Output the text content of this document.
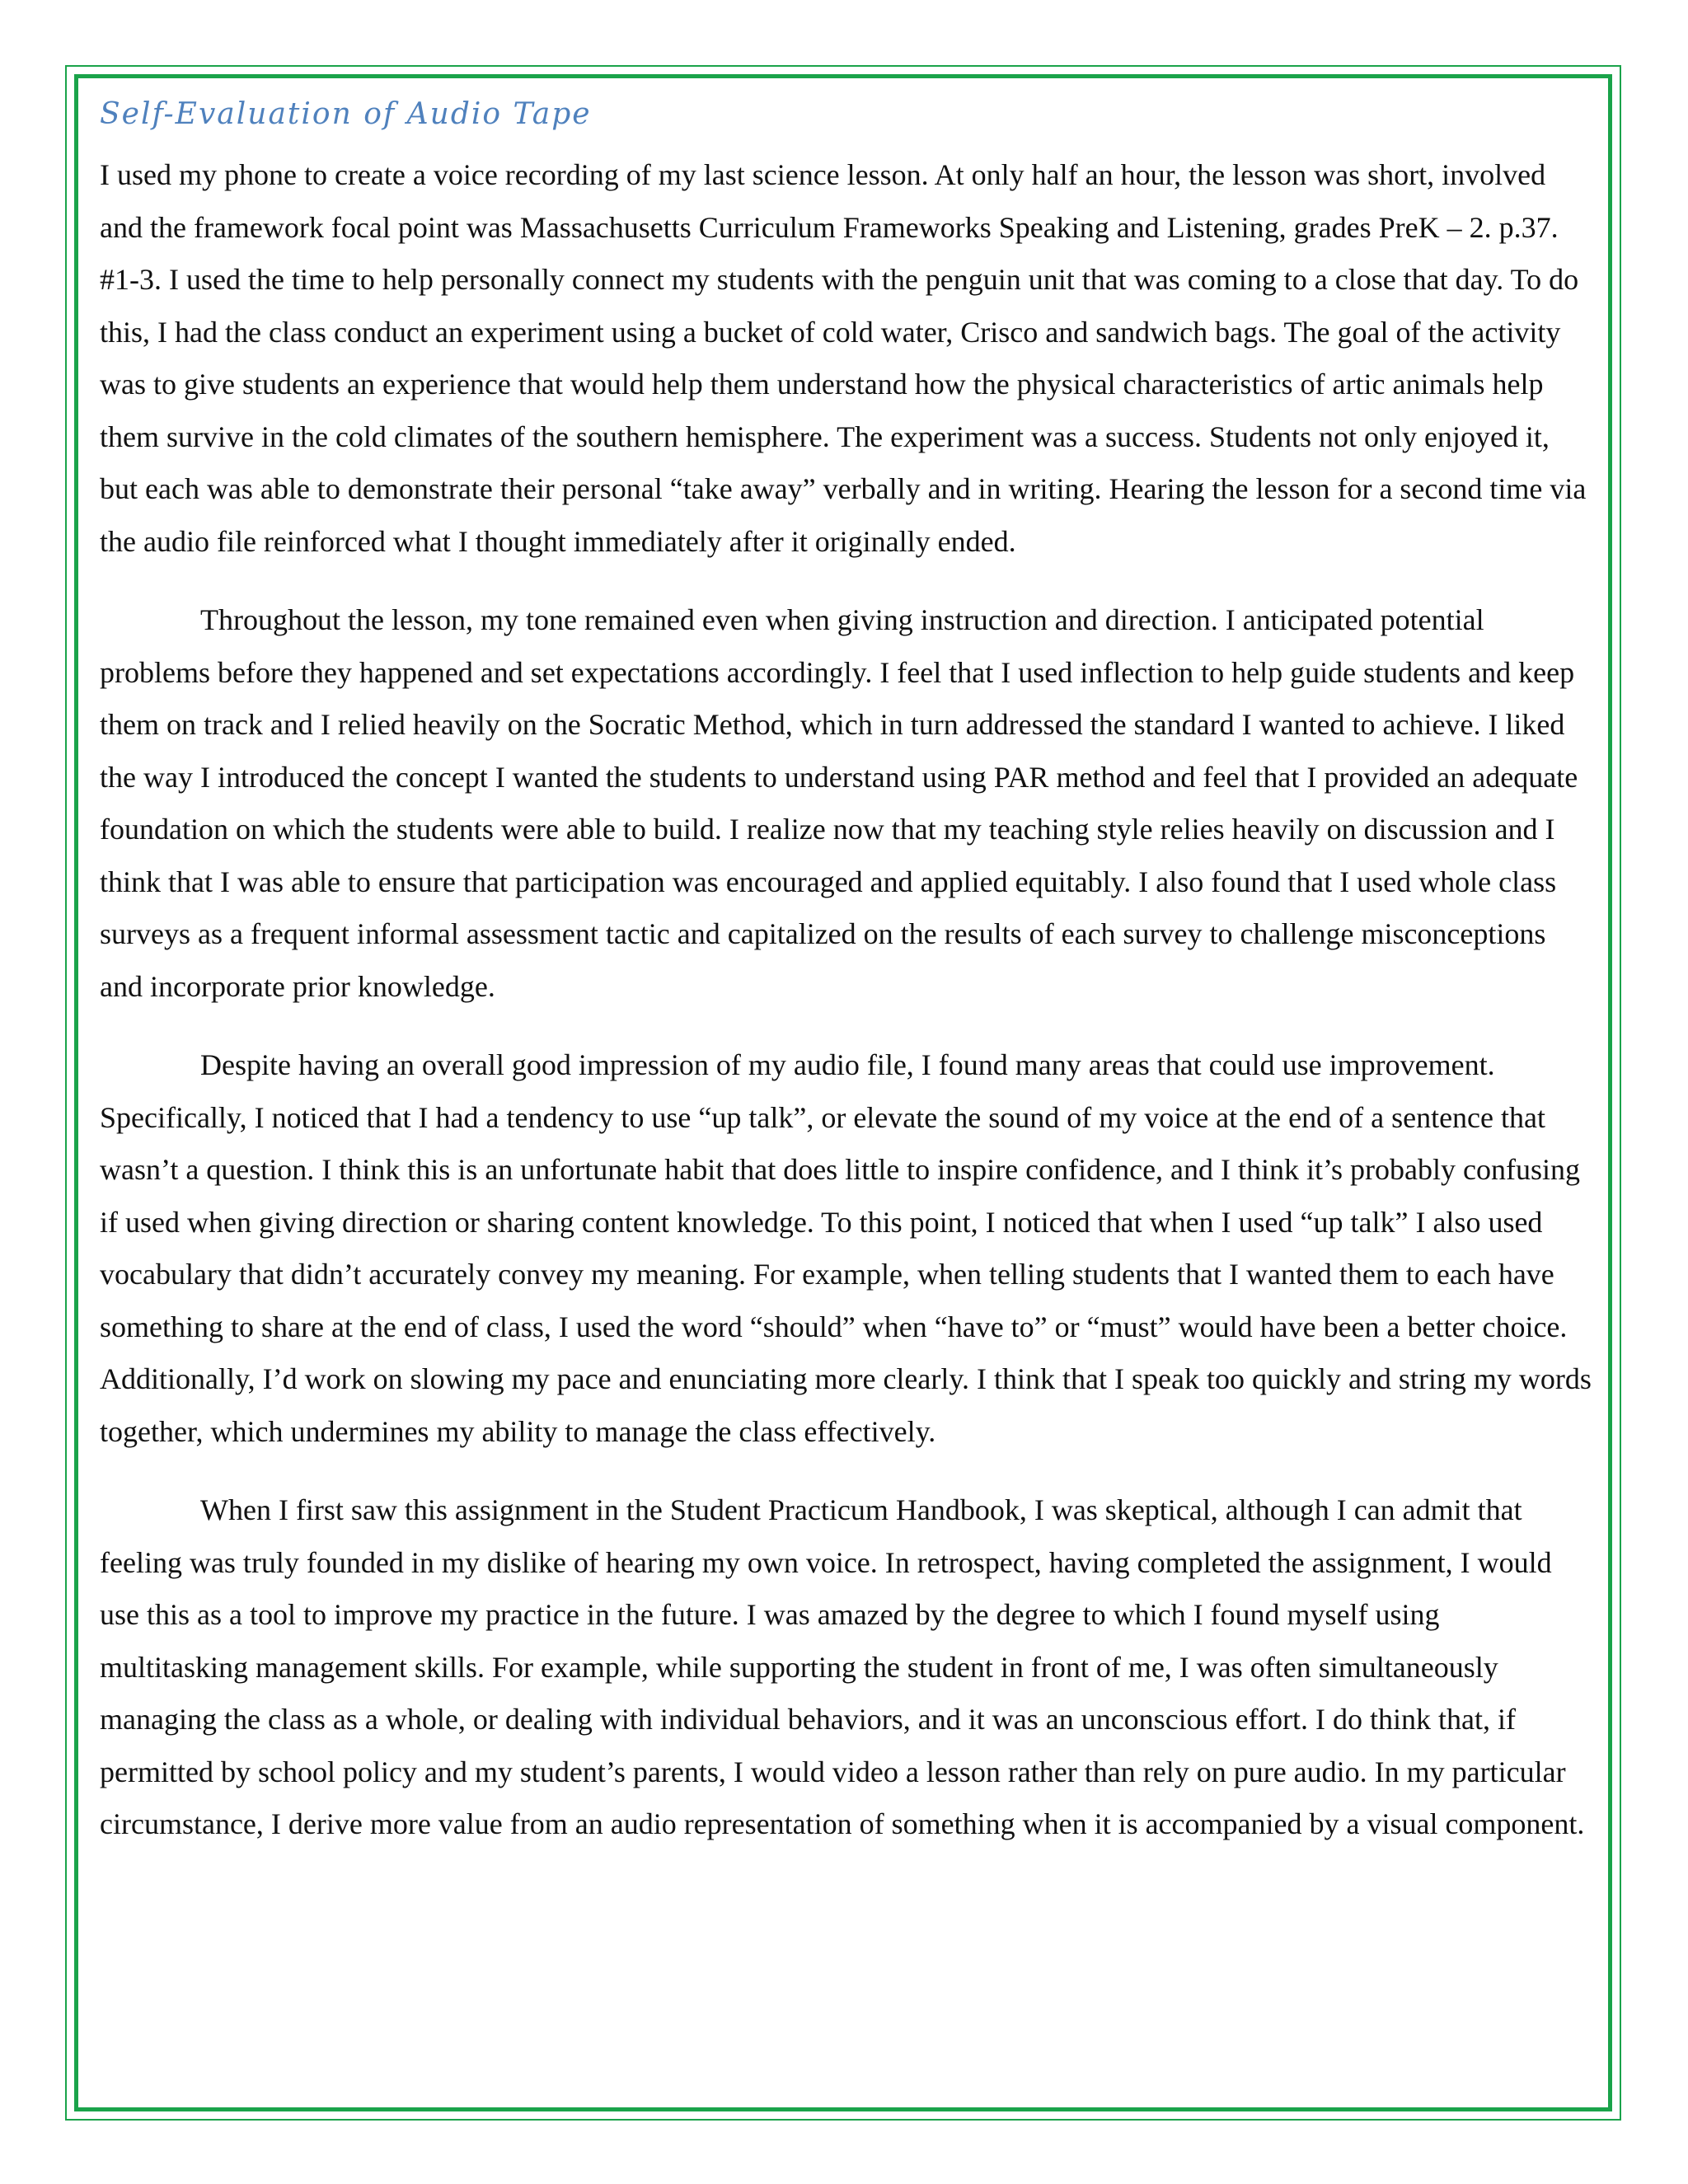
Self-Evaluation of Audio Tape

I used my phone to create a voice recording of my last science lesson. At only half an hour, the lesson was short, involved and the framework focal point was Massachusetts Curriculum Frameworks Speaking and Listening, grades PreK – 2. p.37. #1-3. I used the time to help personally connect my students with the penguin unit that was coming to a close that day. To do this, I had the class conduct an experiment using a bucket of cold water, Crisco and sandwich bags. The goal of the activity was to give students an experience that would help them understand how the physical characteristics of artic animals help them survive in the cold climates of the southern hemisphere. The experiment was a success. Students not only enjoyed it, but each was able to demonstrate their personal “take away” verbally and in writing. Hearing the lesson for a second time via the audio file reinforced what I thought immediately after it originally ended.

Throughout the lesson, my tone remained even when giving instruction and direction. I anticipated potential problems before they happened and set expectations accordingly. I feel that I used inflection to help guide students and keep them on track and I relied heavily on the Socratic Method, which in turn addressed the standard I wanted to achieve. I liked the way I introduced the concept I wanted the students to understand using PAR method and feel that I provided an adequate foundation on which the students were able to build. I realize now that my teaching style relies heavily on discussion and I think that I was able to ensure that participation was encouraged and applied equitably. I also found that I used whole class surveys as a frequent informal assessment tactic and capitalized on the results of each survey to challenge misconceptions and incorporate prior knowledge.

Despite having an overall good impression of my audio file, I found many areas that could use improvement. Specifically, I noticed that I had a tendency to use “up talk”, or elevate the sound of my voice at the end of a sentence that wasn’t a question. I think this is an unfortunate habit that does little to inspire confidence, and I think it’s probably confusing if used when giving direction or sharing content knowledge. To this point, I noticed that when I used “up talk” I also used vocabulary that didn’t accurately convey my meaning. For example, when telling students that I wanted them to each have something to share at the end of class, I used the word “should” when “have to” or “must” would have been a better choice. Additionally, I’d work on slowing my pace and enunciating more clearly. I think that I speak too quickly and string my words together, which undermines my ability to manage the class effectively.

When I first saw this assignment in the Student Practicum Handbook, I was skeptical, although I can admit that feeling was truly founded in my dislike of hearing my own voice. In retrospect, having completed the assignment, I would use this as a tool to improve my practice in the future. I was amazed by the degree to which I found myself using multitasking management skills. For example, while supporting the student in front of me, I was often simultaneously managing the class as a whole, or dealing with individual behaviors, and it was an unconscious effort. I do think that, if permitted by school policy and my student’s parents, I would video a lesson rather than rely on pure audio. In my particular circumstance, I derive more value from an audio representation of something when it is accompanied by a visual component.
